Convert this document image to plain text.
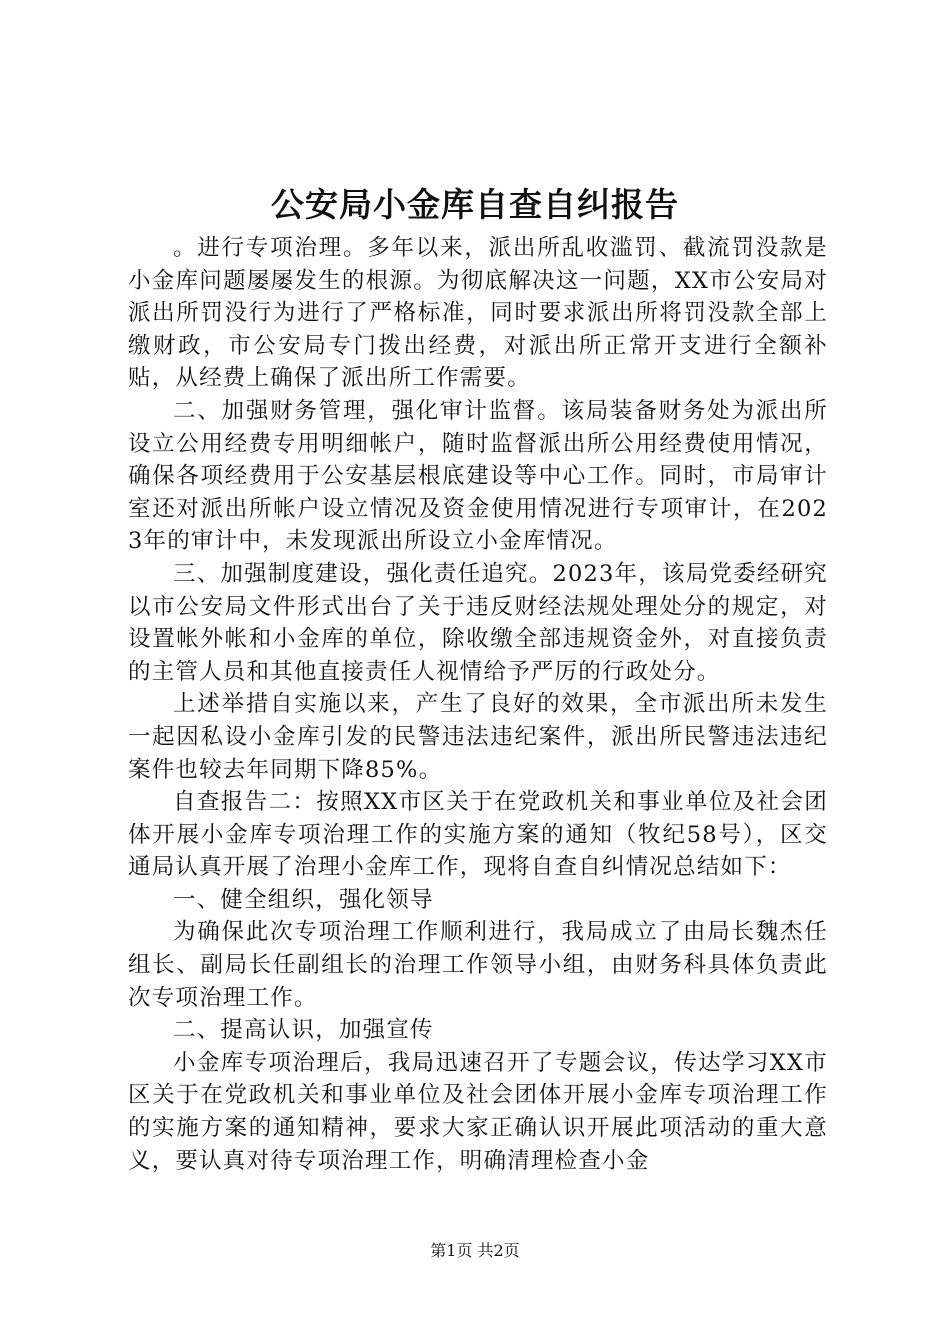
公安局小金库自查自纠报告

。进行专项治理。多年以来，派出所乱收滥罚、截流罚没款是小金库问题屡屡发生的根源。为彻底解决这一问题，XX市公安局对派出所罚没行为进行了严格标准，同时要求派出所将罚没款全部上缴财政，市公安局专门拨出经费，对派出所正常开支进行全额补贴，从经费上确保了派出所工作需要。

二、加强财务管理，强化审计监督。该局装备财务处为派出所设立公用经费专用明细帐户，随时监督派出所公用经费使用情况，确保各项经费用于公安基层根底建设等中心工作。同时，市局审计室还对派出所帐户设立情况及资金使用情况进行专项审计，在2023年的审计中，未发现派出所设立小金库情况。

三、加强制度建设，强化责任追究。2023年，该局党委经研究以市公安局文件形式出台了关于违反财经法规处理处分的规定，对设置帐外帐和小金库的单位，除收缴全部违规资金外，对直接负责的主管人员和其他直接责任人视情给予严厉的行政处分。

上述举措自实施以来，产生了良好的效果，全市派出所未发生一起因私设小金库引发的民警违法违纪案件，派出所民警违法违纪案件也较去年同期下降85%。

自查报告二：按照XX市区关于在党政机关和事业单位及社会团体开展小金库专项治理工作的实施方案的通知（牧纪58号），区交通局认真开展了治理小金库工作，现将自查自纠情况总结如下：

一、健全组织，强化领导

为确保此次专项治理工作顺利进行，我局成立了由局长魏杰任组长、副局长任副组长的治理工作领导小组，由财务科具体负责此次专项治理工作。

二、提高认识，加强宣传

小金库专项治理后，我局迅速召开了专题会议，传达学习XX市区关于在党政机关和事业单位及社会团体开展小金库专项治理工作的实施方案的通知精神，要求大家正确认识开展此项活动的重大意义，要认真对待专项治理工作，明确清理检查小金

第1页 共2页
